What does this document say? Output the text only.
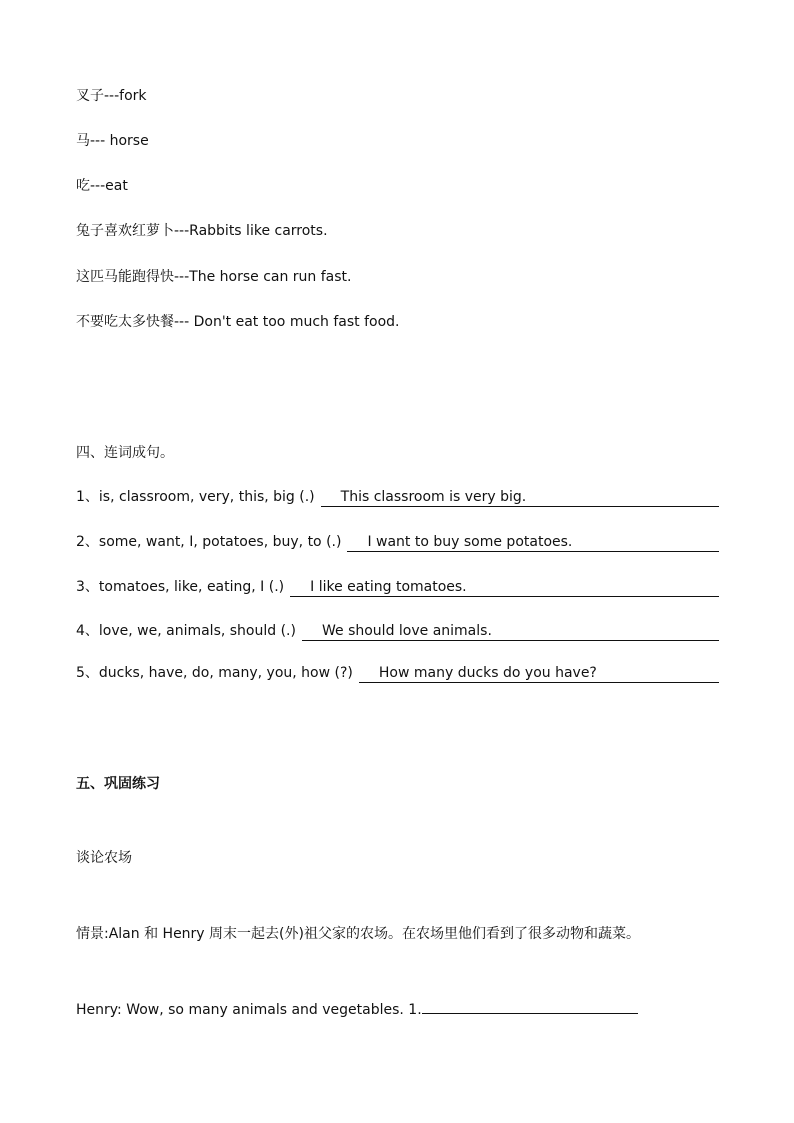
叉子---fork
马--- horse
吃---eat
兔子喜欢红萝卜---Rabbits like carrots.
这匹马能跑得快---The horse can run fast.
不要吃太多快餐--- Don't eat too much fast food.
四、连词成句。
1、is, classroom, very, this, big (.)	This classroom is very big.
2、some, want, I, potatoes, buy, to (.)	I want to buy some potatoes.
3、tomatoes, like, eating, I (.)	I like eating tomatoes.
4、love, we, animals, should (.)	We should love animals.
5、ducks, have, do, many, you, how (?)	How many ducks do you have?
五、巩固练习
谈论农场
情景:Alan 和 Henry 周末一起去(外)祖父家的农场。在农场里他们看到了很多动物和蔬菜。
Henry: Wow, so many animals and vegetables. 1.
